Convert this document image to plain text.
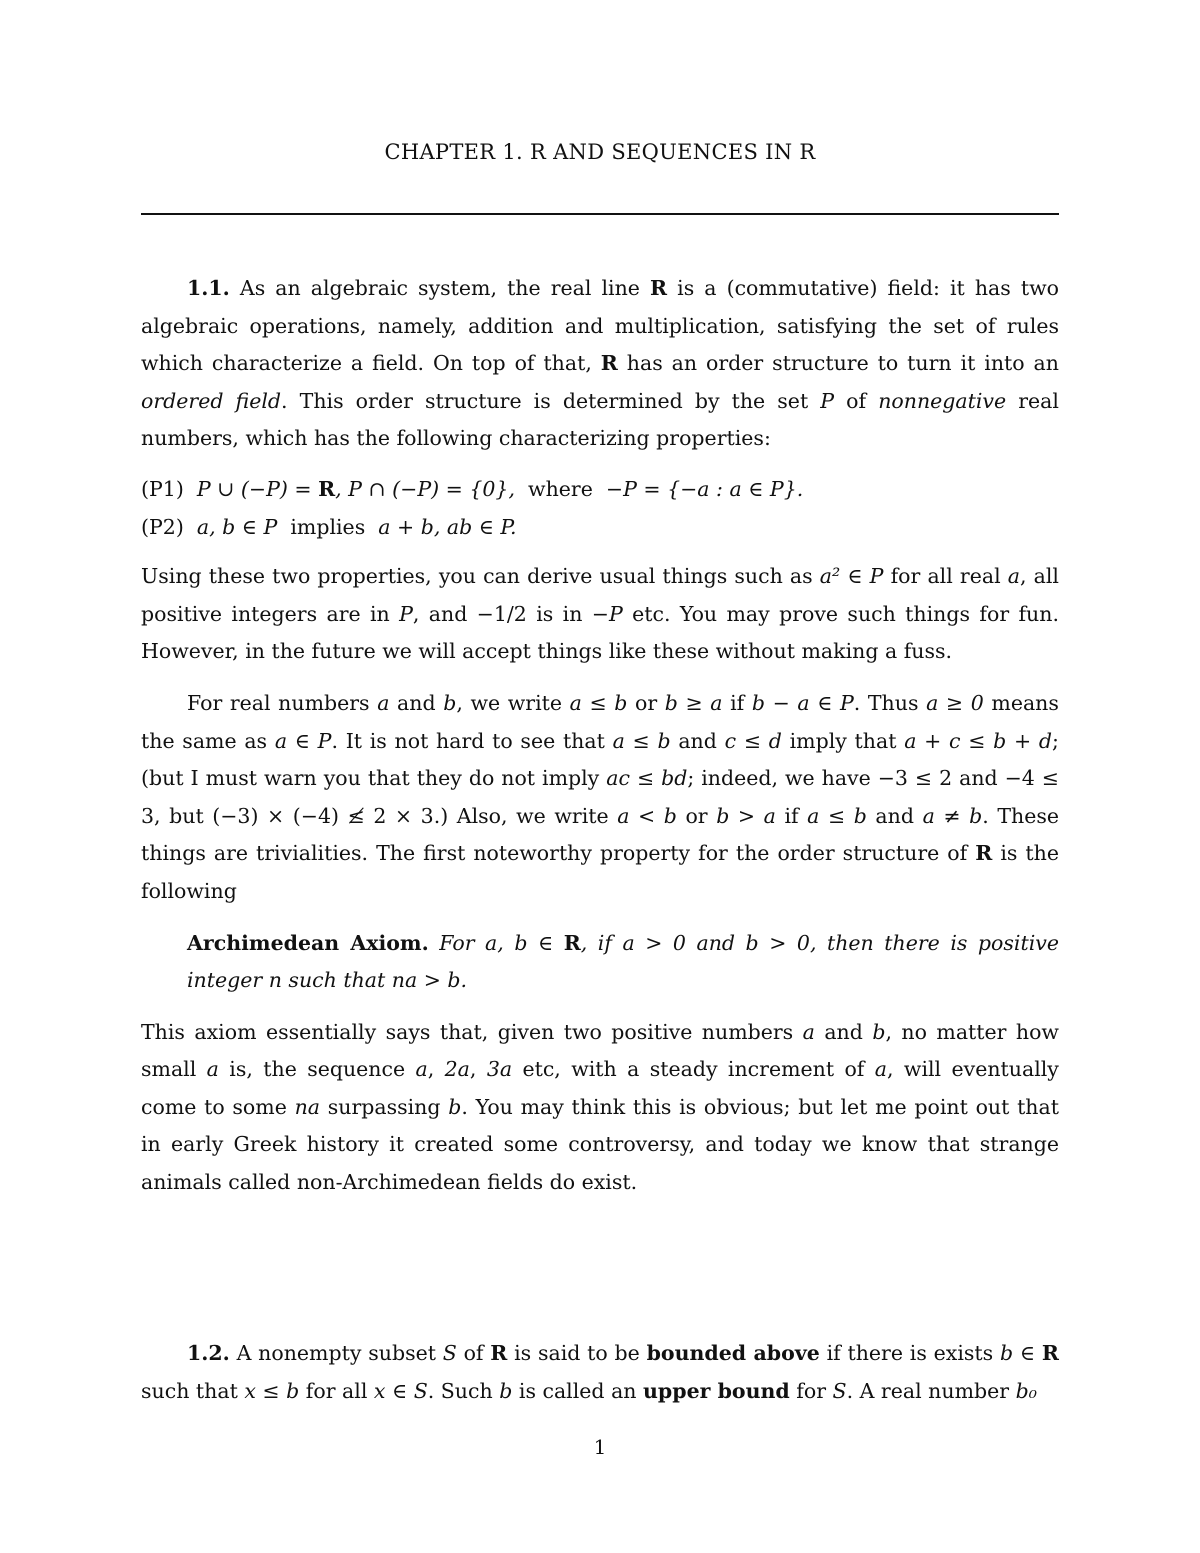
CHAPTER 1. R AND SEQUENCES IN R

1.1. As an algebraic system, the real line R is a (commutative) field: it has two algebraic operations, namely, addition and multiplication, satisfying the set of rules which characterize a field. On top of that, R has an order structure to turn it into an ordered field. This order structure is determined by the set P of nonnegative real numbers, which has the following characterizing properties:

(P1) P ∪ (−P) = R, P ∩ (−P) = {0}, where −P = {−a : a ∈ P}.

(P2) a, b ∈ P implies a + b, ab ∈ P.

Using these two properties, you can derive usual things such as a² ∈ P for all real a, all positive integers are in P, and −1/2 is in −P etc. You may prove such things for fun. However, in the future we will accept things like these without making a fuss.

For real numbers a and b, we write a ≤ b or b ≥ a if b − a ∈ P. Thus a ≥ 0 means the same as a ∈ P. It is not hard to see that a ≤ b and c ≤ d imply that a + c ≤ b + d; (but I must warn you that they do not imply ac ≤ bd; indeed, we have −3 ≤ 2 and −4 ≤ 3, but (−3) × (−4) ≰ 2 × 3.) Also, we write a < b or b > a if a ≤ b and a ≠ b. These things are trivialities. The first noteworthy property for the order structure of R is the following

Archimedean Axiom. For a, b ∈ R, if a > 0 and b > 0, then there is positive integer n such that na > b.

This axiom essentially says that, given two positive numbers a and b, no matter how small a is, the sequence a, 2a, 3a etc, with a steady increment of a, will eventually come to some na surpassing b. You may think this is obvious; but let me point out that in early Greek history it created some controversy, and today we know that strange animals called non-Archimedean fields do exist.

1.2. A nonempty subset S of R is said to be bounded above if there is exists b ∈ R such that x ≤ b for all x ∈ S. Such b is called an upper bound for S. A real number b₀

1
